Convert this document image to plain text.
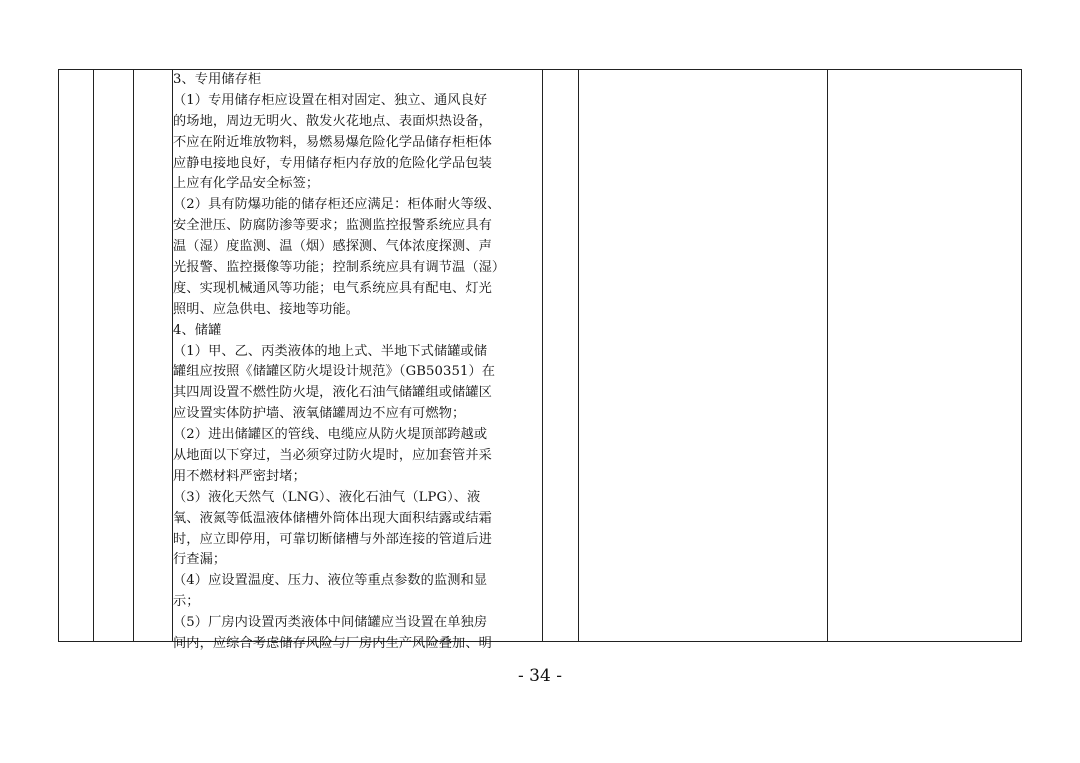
3、专用储存柜
（1）专用储存柜应设置在相对固定、独立、通风良好
的场地，周边无明火、散发火花地点、表面炽热设备，
不应在附近堆放物料，易燃易爆危险化学品储存柜柜体
应静电接地良好，专用储存柜内存放的危险化学品包装
上应有化学品安全标签；
（2）具有防爆功能的储存柜还应满足：柜体耐火等级、
安全泄压、防腐防渗等要求；监测监控报警系统应具有
温（湿）度监测、温（烟）感探测、气体浓度探测、声
光报警、监控摄像等功能；控制系统应具有调节温（湿）
度、实现机械通风等功能；电气系统应具有配电、灯光
照明、应急供电、接地等功能。
4、储罐
（1）甲、乙、丙类液体的地上式、半地下式储罐或储
罐组应按照《储罐区防火堤设计规范》（GB50351）在
其四周设置不燃性防火堤，液化石油气储罐组或储罐区
应设置实体防护墙、液氧储罐周边不应有可燃物；
（2）进出储罐区的管线、电缆应从防火堤顶部跨越或
从地面以下穿过，当必须穿过防火堤时，应加套管并采
用不燃材料严密封堵；
（3）液化天然气（LNG）、液化石油气（LPG）、液
氧、液氮等低温液体储槽外筒体出现大面积结露或结霜
时，应立即停用，可靠切断储槽与外部连接的管道后进
行查漏；
（4）应设置温度、压力、液位等重点参数的监测和显
示；
（5）厂房内设置丙类液体中间储罐应当设置在单独房
间内，应综合考虑储存风险与厂房内生产风险叠加、明
- 34 -
